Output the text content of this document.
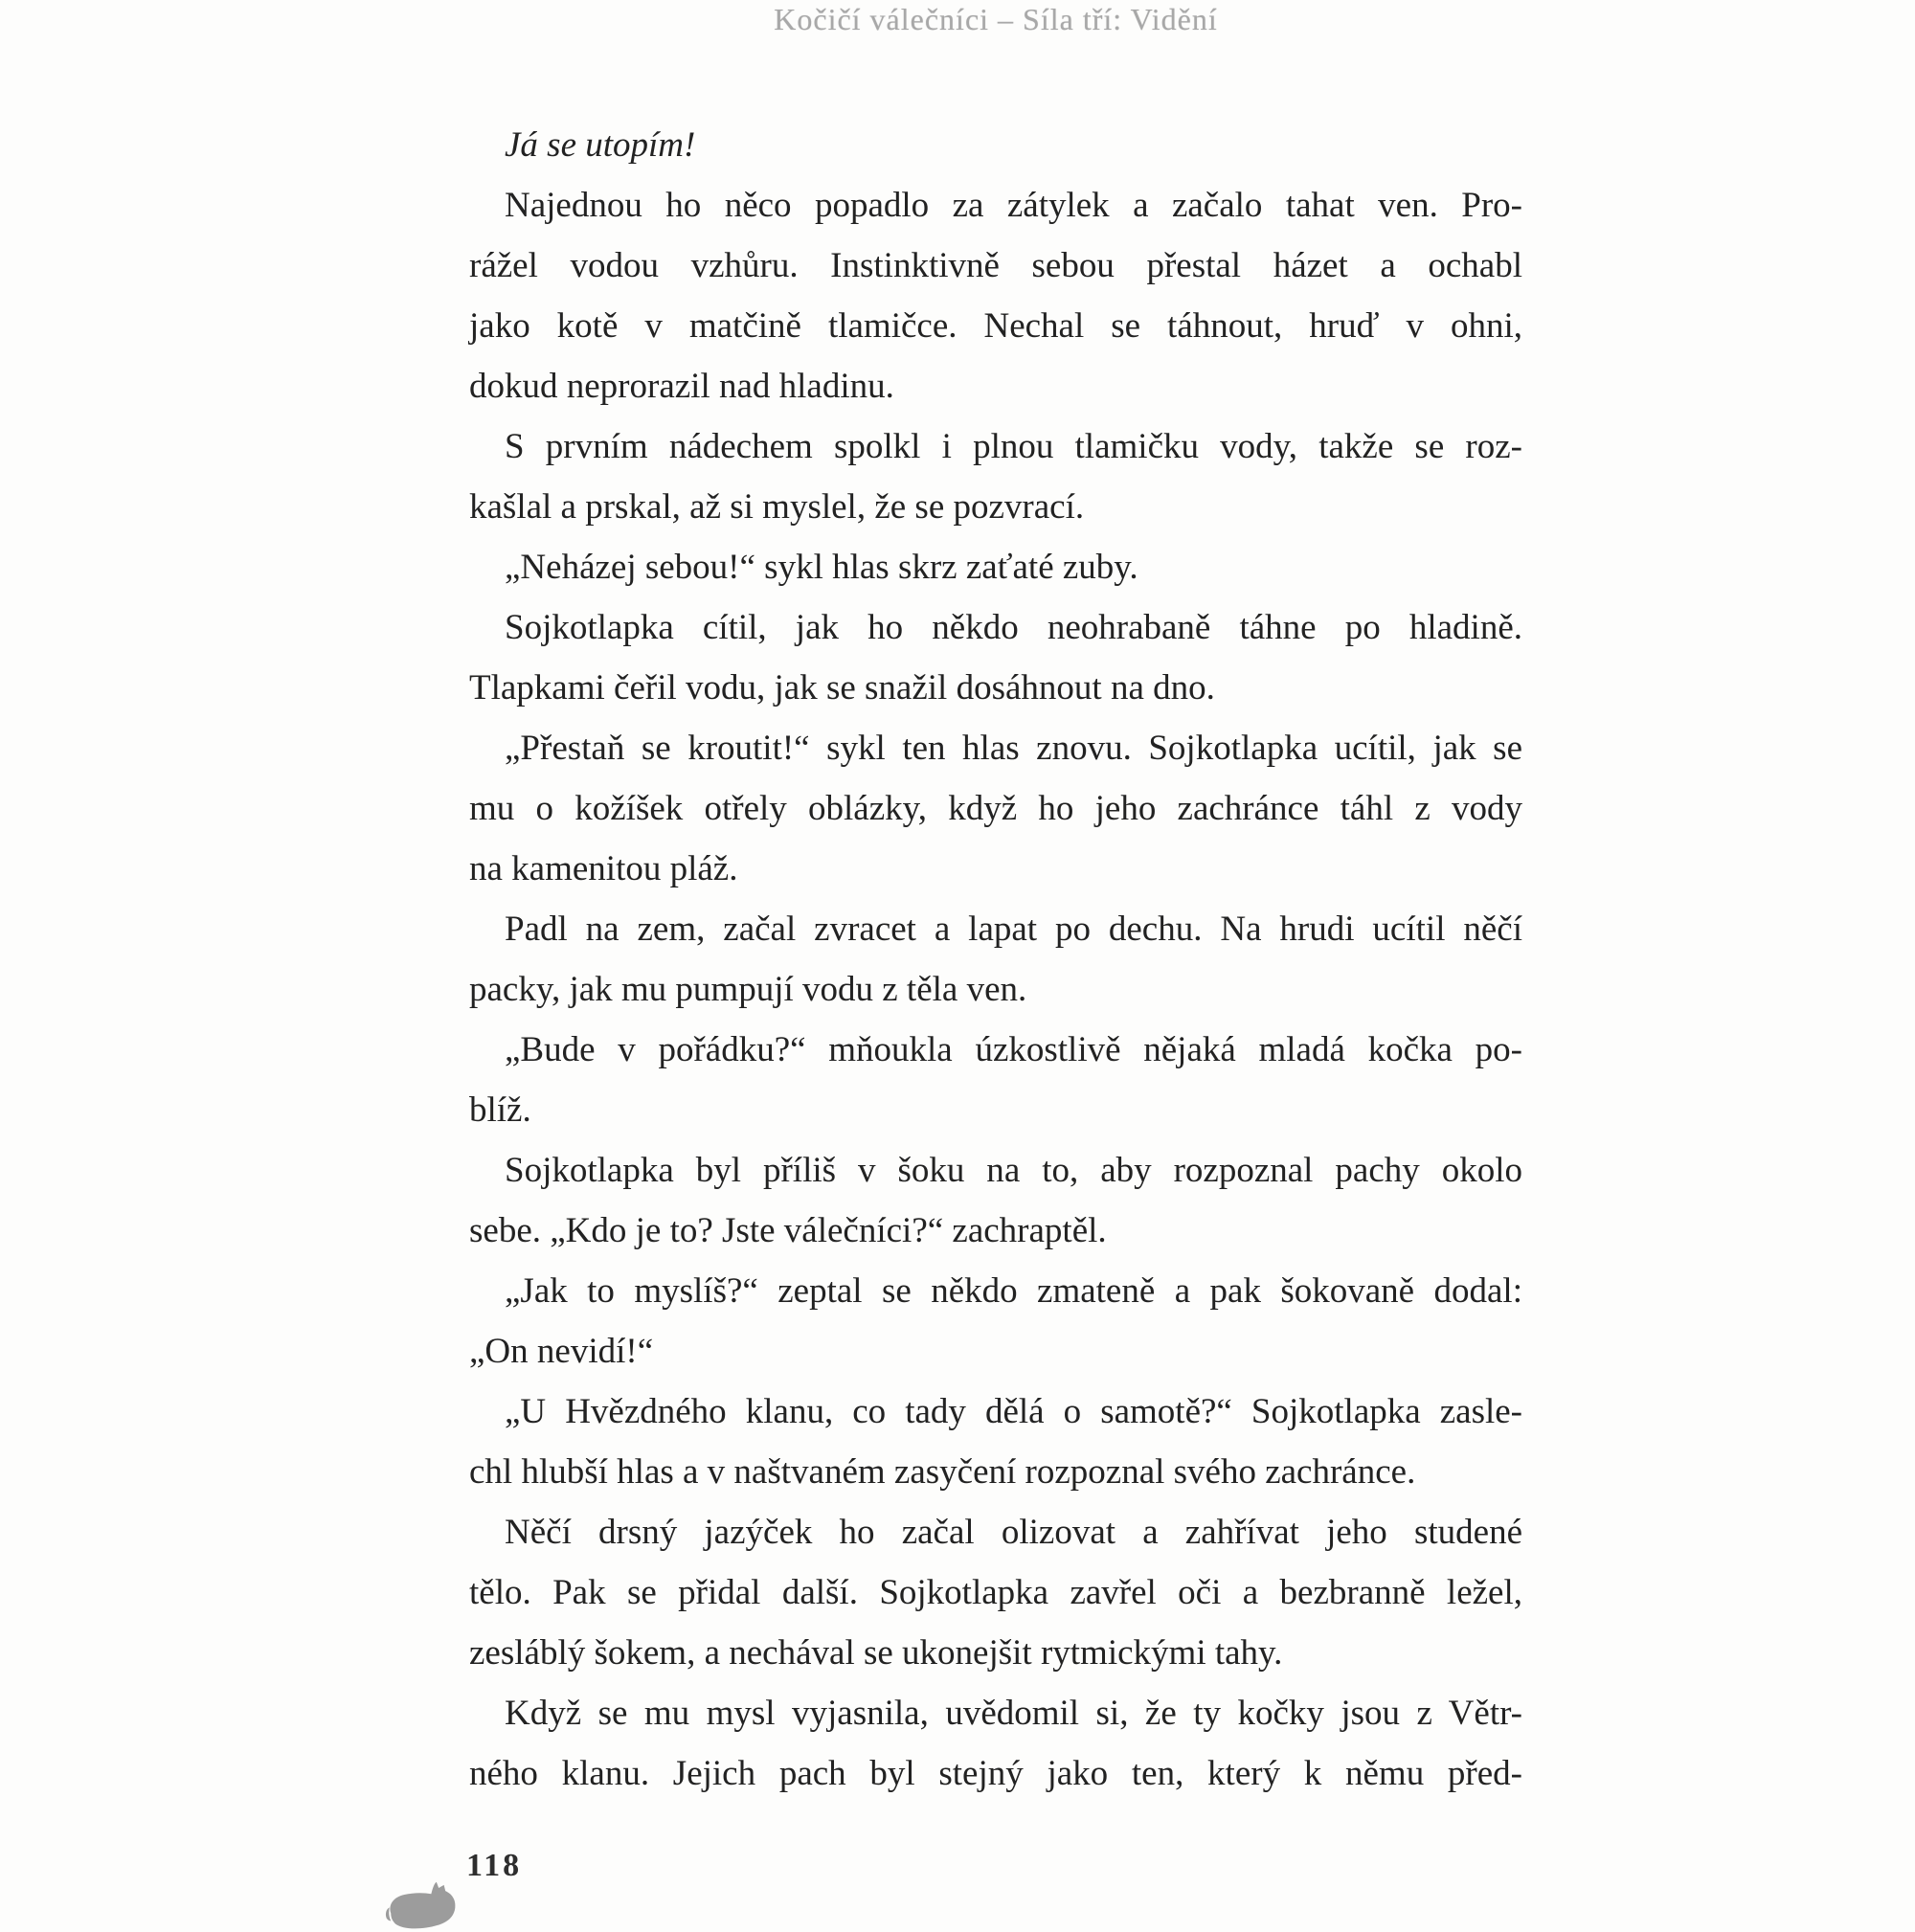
Kočičí válečníci – Síla tří: Vidění
Já se utopím!
Najednou ho něco popadlo za zátylek a začalo tahat ven. Pro-
rážel vodou vzhůru. Instinktivně sebou přestal házet a ochabl
jako kotě v matčině tlamičce. Nechal se táhnout, hruď v ohni,
dokud neprorazil nad hladinu.
S prvním nádechem spolkl i plnou tlamičku vody, takže se roz-
kašlal a prskal, až si myslel, že se pozvrací.
„Neházej sebou!“ sykl hlas skrz zaťaté zuby.
Sojkotlapka cítil, jak ho někdo neohrabaně táhne po hladině.
Tlapkami čeřil vodu, jak se snažil dosáhnout na dno.
„Přestaň se kroutit!“ sykl ten hlas znovu. Sojkotlapka ucítil, jak se
mu o kožíšek otřely oblázky, když ho jeho zachránce táhl z vody
na kamenitou pláž.
Padl na zem, začal zvracet a lapat po dechu. Na hrudi ucítil něčí
packy, jak mu pumpují vodu z těla ven.
„Bude v pořádku?“ mňoukla úzkostlivě nějaká mladá kočka po-
blíž.
Sojkotlapka byl příliš v šoku na to, aby rozpoznal pachy okolo
sebe. „Kdo je to? Jste válečníci?“ zachraptěl.
„Jak to myslíš?“ zeptal se někdo zmateně a pak šokovaně dodal:
„On nevidí!“
„U Hvězdného klanu, co tady dělá o samotě?“ Sojkotlapka zasle-
chl hlubší hlas a v naštvaném zasyčení rozpoznal svého zachránce.
Něčí drsný jazýček ho začal olizovat a zahřívat jeho studené
tělo. Pak se přidal další. Sojkotlapka zavřel oči a bezbranně ležel,
zesláblý šokem, a nechával se ukonejšit rytmickými tahy.
Když se mu mysl vyjasnila, uvědomil si, že ty kočky jsou z Větr-
ného klanu. Jejich pach byl stejný jako ten, který k němu před-
118
